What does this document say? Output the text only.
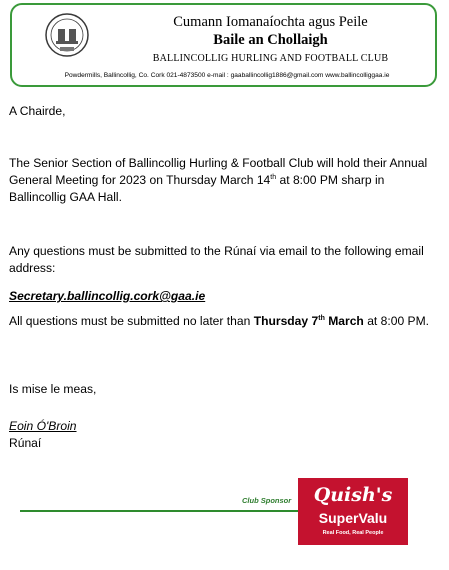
Cumann Iomanaíochta agus Peile
Baile an Chollaigh
BALLINCOLLIG HURLING AND FOOTBALL CLUB
Powdermills, Ballincollig, Co. Cork 021-4873500 e-mail : gaaballincollig1886@gmail.com www.ballincolliggaa.ie
A Chairde,
The Senior Section of Ballincollig Hurling & Football Club will hold their Annual General Meeting for 2023 on Thursday March 14th at 8:00 PM sharp in Ballincollig GAA Hall.
Any questions must be submitted to the Rúnaí via email to the following email address:
Secretary.ballincollig.cork@gaa.ie
All questions must be submitted no later than Thursday 7th March at 8:00 PM.
Is mise le meas,
Eoin Ó'Broin
Rúnaí
Club Sponsor	Quish's
SuperValu
Real Food, Real People
